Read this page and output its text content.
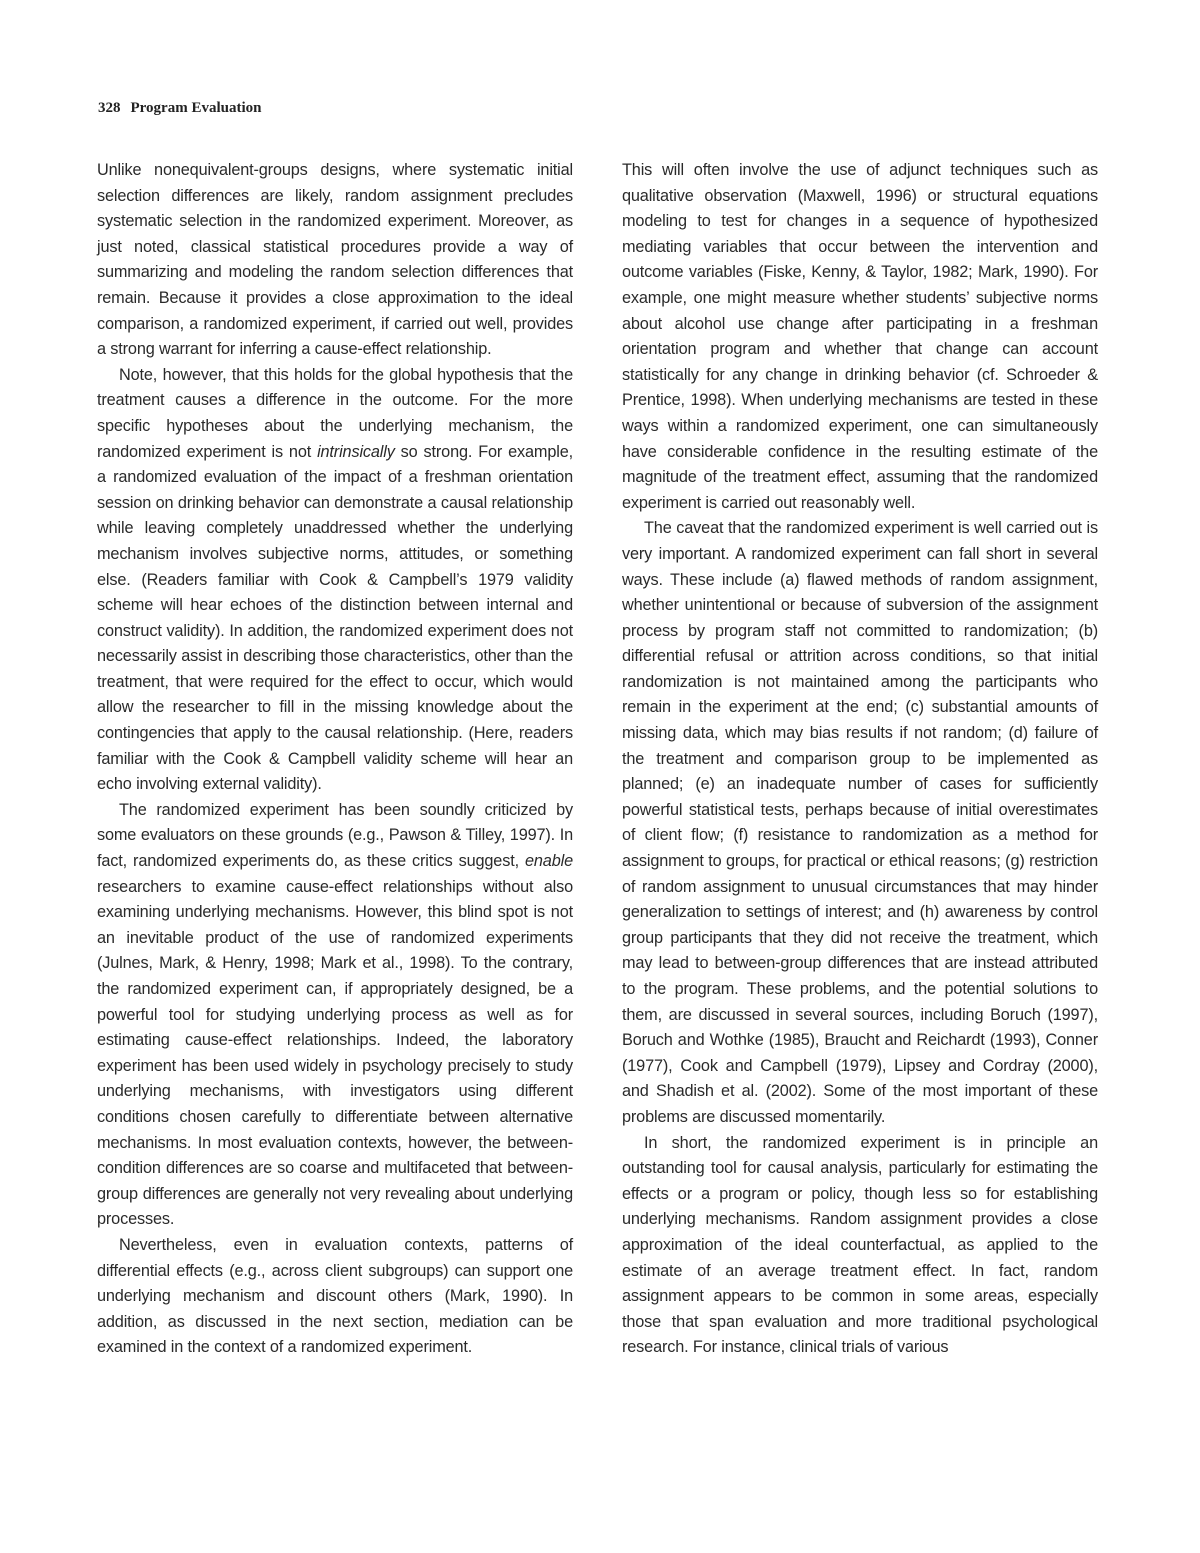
328 Program Evaluation

Unlike nonequivalent-groups designs, where systematic initial selection differences are likely, random assignment precludes systematic selection in the randomized experiment. Moreover, as just noted, classical statistical procedures provide a way of summarizing and modeling the random selection differences that remain. Because it provides a close approximation to the ideal comparison, a randomized experiment, if carried out well, provides a strong warrant for inferring a cause-effect relationship.

Note, however, that this holds for the global hypothesis that the treatment causes a difference in the outcome. For the more specific hypotheses about the underlying mechanism, the randomized experiment is not intrinsically so strong. For example, a randomized evaluation of the impact of a freshman orientation session on drinking behavior can demonstrate a causal relationship while leaving completely unaddressed whether the underlying mechanism involves subjective norms, attitudes, or something else. (Readers familiar with Cook & Campbell’s 1979 validity scheme will hear echoes of the distinction between internal and construct validity). In addition, the randomized experiment does not necessarily assist in describing those characteristics, other than the treatment, that were required for the effect to occur, which would allow the researcher to fill in the missing knowledge about the contingencies that apply to the causal relationship. (Here, readers familiar with the Cook & Campbell validity scheme will hear an echo involving external validity).

The randomized experiment has been soundly criticized by some evaluators on these grounds (e.g., Pawson & Tilley, 1997). In fact, randomized experiments do, as these critics suggest, enable researchers to examine cause-effect relationships without also examining underlying mechanisms. However, this blind spot is not an inevitable product of the use of randomized experiments (Julnes, Mark, & Henry, 1998; Mark et al., 1998). To the contrary, the randomized experiment can, if appropriately designed, be a powerful tool for studying underlying process as well as for estimating cause-effect relationships. Indeed, the laboratory experiment has been used widely in psychology precisely to study underlying mechanisms, with investigators using different conditions chosen carefully to differentiate between alternative mechanisms. In most evaluation contexts, however, the between-condition differences are so coarse and multifaceted that between-group differences are generally not very revealing about underlying processes.

Nevertheless, even in evaluation contexts, patterns of differential effects (e.g., across client subgroups) can support one underlying mechanism and discount others (Mark, 1990). In addition, as discussed in the next section, mediation can be examined in the context of a randomized experiment.

This will often involve the use of adjunct techniques such as qualitative observation (Maxwell, 1996) or structural equations modeling to test for changes in a sequence of hypothesized mediating variables that occur between the intervention and outcome variables (Fiske, Kenny, & Taylor, 1982; Mark, 1990). For example, one might measure whether students’ subjective norms about alcohol use change after participating in a freshman orientation program and whether that change can account statistically for any change in drinking behavior (cf. Schroeder & Prentice, 1998). When underlying mechanisms are tested in these ways within a randomized experiment, one can simultaneously have considerable confidence in the resulting estimate of the magnitude of the treatment effect, assuming that the randomized experiment is carried out reasonably well.

The caveat that the randomized experiment is well carried out is very important. A randomized experiment can fall short in several ways. These include (a) flawed methods of random assignment, whether unintentional or because of subversion of the assignment process by program staff not committed to randomization; (b) differential refusal or attrition across conditions, so that initial randomization is not maintained among the participants who remain in the experiment at the end; (c) substantial amounts of missing data, which may bias results if not random; (d) failure of the treatment and comparison group to be implemented as planned; (e) an inadequate number of cases for sufficiently powerful statistical tests, perhaps because of initial overestimates of client flow; (f) resistance to randomization as a method for assignment to groups, for practical or ethical reasons; (g) restriction of random assignment to unusual circumstances that may hinder generalization to settings of interest; and (h) awareness by control group participants that they did not receive the treatment, which may lead to between-group differences that are instead attributed to the program. These problems, and the potential solutions to them, are discussed in several sources, including Boruch (1997), Boruch and Wothke (1985), Braucht and Reichardt (1993), Conner (1977), Cook and Campbell (1979), Lipsey and Cordray (2000), and Shadish et al. (2002). Some of the most important of these problems are discussed momentarily.

In short, the randomized experiment is in principle an outstanding tool for causal analysis, particularly for estimating the effects or a program or policy, though less so for establishing underlying mechanisms. Random assignment provides a close approximation of the ideal counterfactual, as applied to the estimate of an average treatment effect. In fact, random assignment appears to be common in some areas, especially those that span evaluation and more traditional psychological research. For instance, clinical trials of various
